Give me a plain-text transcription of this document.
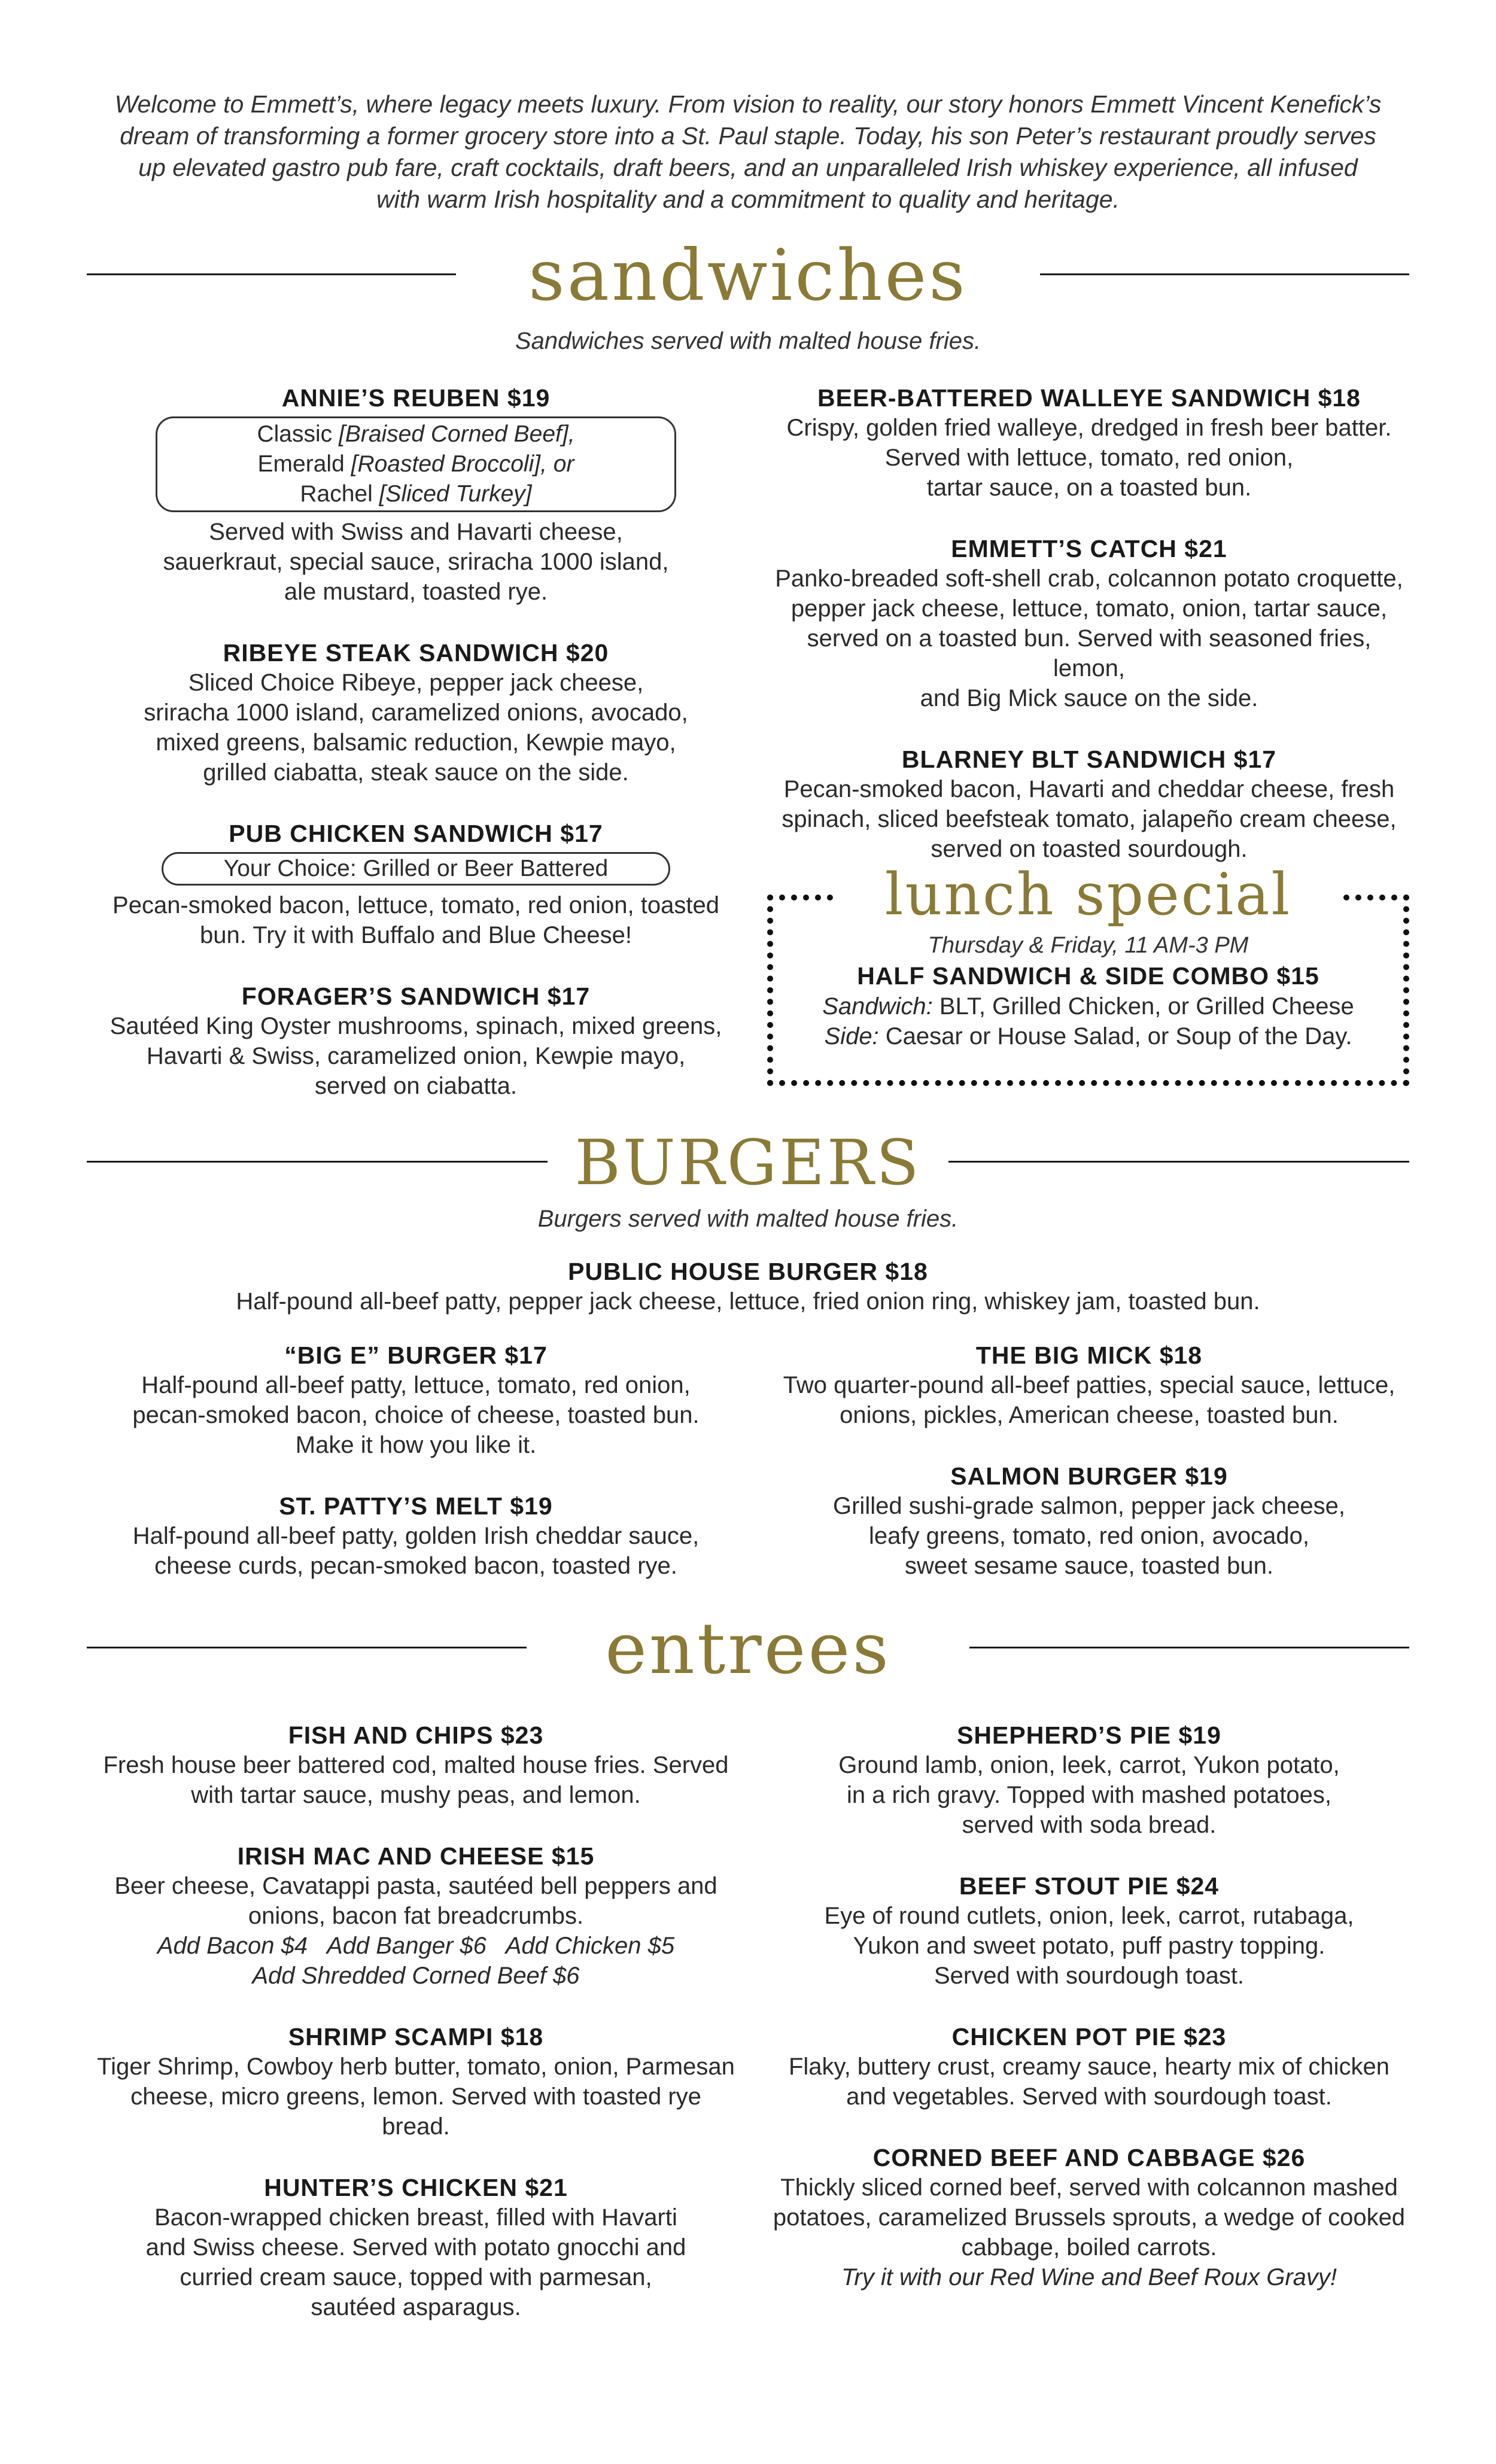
Welcome to Emmett’s, where legacy meets luxury. From vision to reality, our story honors Emmett Vincent Kenefick’s dream of transforming a former grocery store into a St. Paul staple. Today, his son Peter’s restaurant proudly serves up elevated gastro pub fare, craft cocktails, draft beers, and an unparalleled Irish whiskey experience, all infused with warm Irish hospitality and a commitment to quality and heritage.
sandwiches
Sandwiches served with malted house fries.
ANNIE’S REUBEN $19
Classic [Braised Corned Beef],
Emerald [Roasted Broccoli], or
Rachel [Sliced Turkey]

Served with Swiss and Havarti cheese,

sauerkraut, special sauce, sriracha 1000 island,

ale mustard, toasted rye.

RIBEYE STEAK SANDWICH $20

Sliced Choice Ribeye, pepper jack cheese,

sriracha 1000 island, caramelized onions, avocado,

mixed greens, balsamic reduction, Kewpie mayo,

grilled ciabatta, steak sauce on the side.

PUB CHICKEN SANDWICH $17
Your Choice: Grilled or Beer Battered

Pecan-smoked bacon, lettuce, tomato, red onion, toasted

bun. Try it with Buffalo and Blue Cheese!

FORAGER’S SANDWICH $17

Sautéed King Oyster mushrooms, spinach, mixed greens,

Havarti & Swiss, caramelized onion, Kewpie mayo,

served on ciabatta.

BEER-BATTERED WALLEYE SANDWICH $18

Crispy, golden fried walleye, dredged in fresh beer batter.

Served with lettuce, tomato, red onion,

tartar sauce, on a toasted bun.

EMMETT’S CATCH $21

Panko-breaded soft-shell crab, colcannon potato croquette,

pepper jack cheese, lettuce, tomato, onion, tartar sauce,

served on a toasted bun. Served with seasoned fries, lemon,

and Big Mick sauce on the side.

BLARNEY BLT SANDWICH $17

Pecan-smoked bacon, Havarti and cheddar cheese, fresh

spinach, sliced beefsteak tomato, jalapeño cream cheese,

served on toasted sourdough.

lunch special
Thursday & Friday, 11 AM-3 PM
HALF SANDWICH & SIDE COMBO $15

Sandwich: BLT, Grilled Chicken, or Grilled Cheese

Side: Caesar or House Salad, or Soup of the Day.

BURGERS
Burgers served with malted house fries.
PUBLIC HOUSE BURGER $18

Half-pound all-beef patty, pepper jack cheese, lettuce, fried onion ring, whiskey jam, toasted bun.

“BIG E” BURGER $17

Half-pound all-beef patty, lettuce, tomato, red onion,

pecan-smoked bacon, choice of cheese, toasted bun.

Make it how you like it.

ST. PATTY’S MELT $19

Half-pound all-beef patty, golden Irish cheddar sauce,

cheese curds, pecan-smoked bacon, toasted rye.

THE BIG MICK $18

Two quarter-pound all-beef patties, special sauce, lettuce,

onions, pickles, American cheese, toasted bun.

SALMON BURGER $19

Grilled sushi-grade salmon, pepper jack cheese,

leafy greens, tomato, red onion, avocado,

sweet sesame sauce, toasted bun.

entrees
FISH AND CHIPS $23

Fresh house beer battered cod, malted house fries. Served

with tartar sauce, mushy peas, and lemon.

IRISH MAC AND CHEESE $15

Beer cheese, Cavatappi pasta, sautéed bell peppers and

onions, bacon fat breadcrumbs.

Add Bacon $4   Add Banger $6   Add Chicken $5

Add Shredded Corned Beef $6

SHRIMP SCAMPI $18

Tiger Shrimp, Cowboy herb butter, tomato, onion, Parmesan

cheese, micro greens, lemon. Served with toasted rye bread.

HUNTER’S CHICKEN $21

Bacon-wrapped chicken breast, filled with Havarti

and Swiss cheese. Served with potato gnocchi and

curried cream sauce, topped with parmesan,

sautéed asparagus.

SHEPHERD’S PIE $19

Ground lamb, onion, leek, carrot, Yukon potato,

in a rich gravy. Topped with mashed potatoes,

served with soda bread.

BEEF STOUT PIE $24

Eye of round cutlets, onion, leek, carrot, rutabaga,

Yukon and sweet potato, puff pastry topping.

Served with sourdough toast.

CHICKEN POT PIE $23

Flaky, buttery crust, creamy sauce, hearty mix of chicken

and vegetables. Served with sourdough toast.

CORNED BEEF AND CABBAGE $26

Thickly sliced corned beef, served with colcannon mashed

potatoes, caramelized Brussels sprouts, a wedge of cooked

cabbage, boiled carrots.

Try it with our Red Wine and Beef Roux Gravy!
